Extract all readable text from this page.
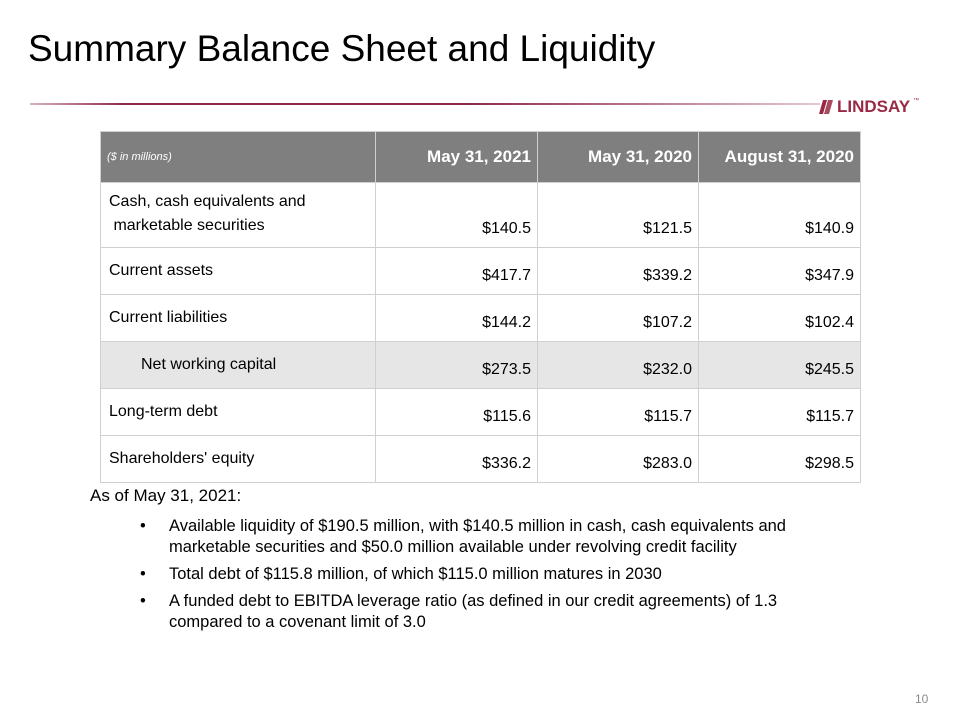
Summary Balance Sheet and Liquidity
LINDSAY ™
($ in millions)	May 31, 2021	May 31, 2020	August 31, 2020
Cash, cash equivalents and
marketable securities	$140.5	$121.5	$140.9
Current assets	$417.7	$339.2	$347.9
Current liabilities	$144.2	$107.2	$102.4
Net working capital	$273.5	$232.0	$245.5
Long-term debt	$115.6	$115.7	$115.7
Shareholders' equity	$336.2	$283.0	$298.5
As of May 31, 2021:
• Available liquidity of $190.5 million, with $140.5 million in cash, cash equivalents and
marketable securities and $50.0 million available under revolving credit facility
• Total debt of $115.8 million, of which $115.0 million matures in 2030
• A funded debt to EBITDA leverage ratio (as defined in our credit agreements) of 1.3
compared to a covenant limit of 3.0
10
